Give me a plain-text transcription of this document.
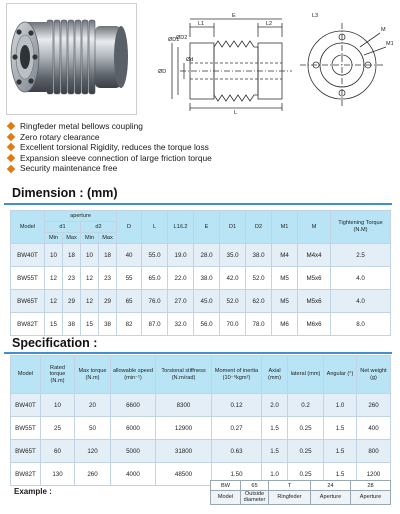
L1	L2
L
ØD
ØD1
ØD2
Ød
M
M1
E	L3
Ringfeder metal bellows coupling
Zero rotary clearance
Excellent torsional Rigidity, reduces the torque loss
Expansion sleeve connection of large friction torque
Security maintenance free
Dimension : (mm)
Model	aperture				D	L	L1/L2	E	D1	D2	M1	M	Tightening Torque (N.M)
	d1		d2										
	Min	Max	Min	Max									
BW40T	10	18	10	18	40	55.0	19.0	28.0	35.0	38.0	M4	M4x4	2.5
BW55T	12	23	12	23	55	65.0	22.0	38.0	42.0	52.0	M5	M5x6	4.0
BW65T	12	29	12	29	65	76.0	27.0	45.0	52.0	62.0	M5	M5x6	4.0
BW82T	15	38	15	38	82	87.0	32.0	56.0	70.0	78.0	M6	M6x6	8.0
Specification :
Model	Rated torque (N.m)	Max torque (N.m)	allowable speed (min⁻¹)	Torsional stiffness (N.m/rad)	Moment of inertia (10⁻⁶kgm²)	Axial (mm)	lateral (mm)	Angular (°)	Net weight (g)
BW40T	10	20	6600	8300	0.12	2.0	0.2	1.0	260
BW55T	25	50	6000	12900	0.27	1.5	0.25	1.5	400
BW65T	60	120	5000	31800	0.63	1.5	0.25	1.5	800
BW82T	130	260	4000	48500	1.50	1.0	0.25	1.5	1200
Example :
BW	65	T	24	28
Model	Outside diameter	Ringfeder	Aperture	Aperture
